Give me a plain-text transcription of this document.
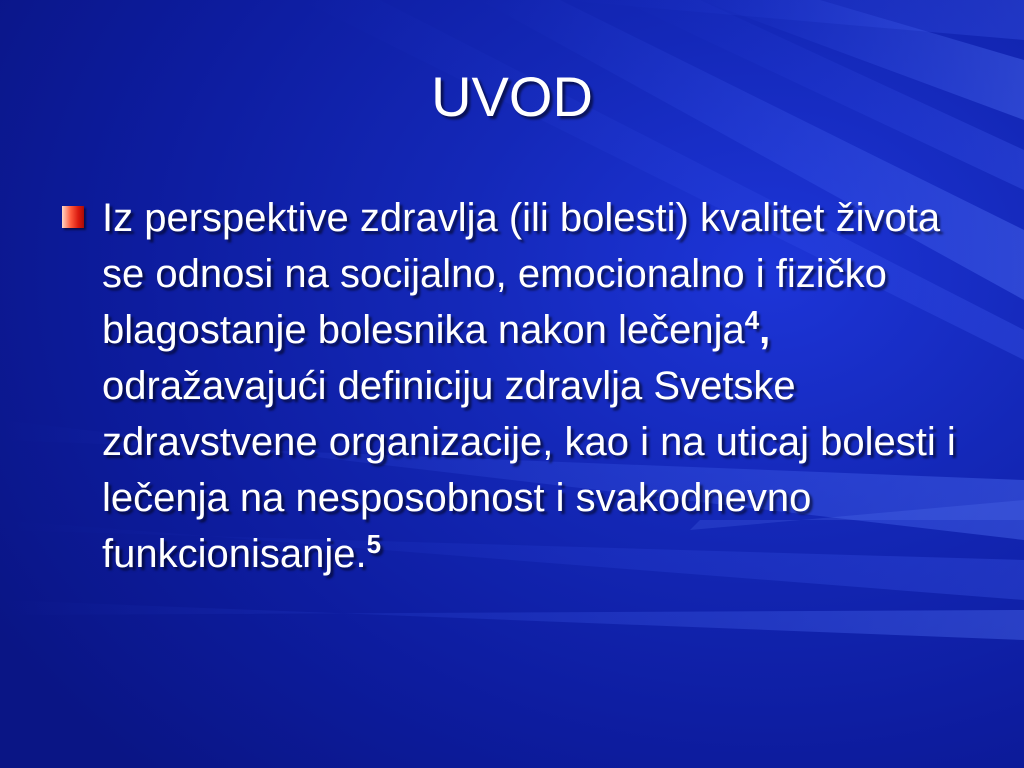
UVOD
Iz perspektive zdravlja (ili bolesti) kvalitet života se odnosi na socijalno, emocionalno i fizičko blagostanje bolesnika nakon lečenja$^4$, odražavajući definiciju zdravlja Svetske zdravstvene organizacije, kao i na uticaj bolesti i lečenja na nesposobnost i svakodnevno funkcionisanje.$^5$
